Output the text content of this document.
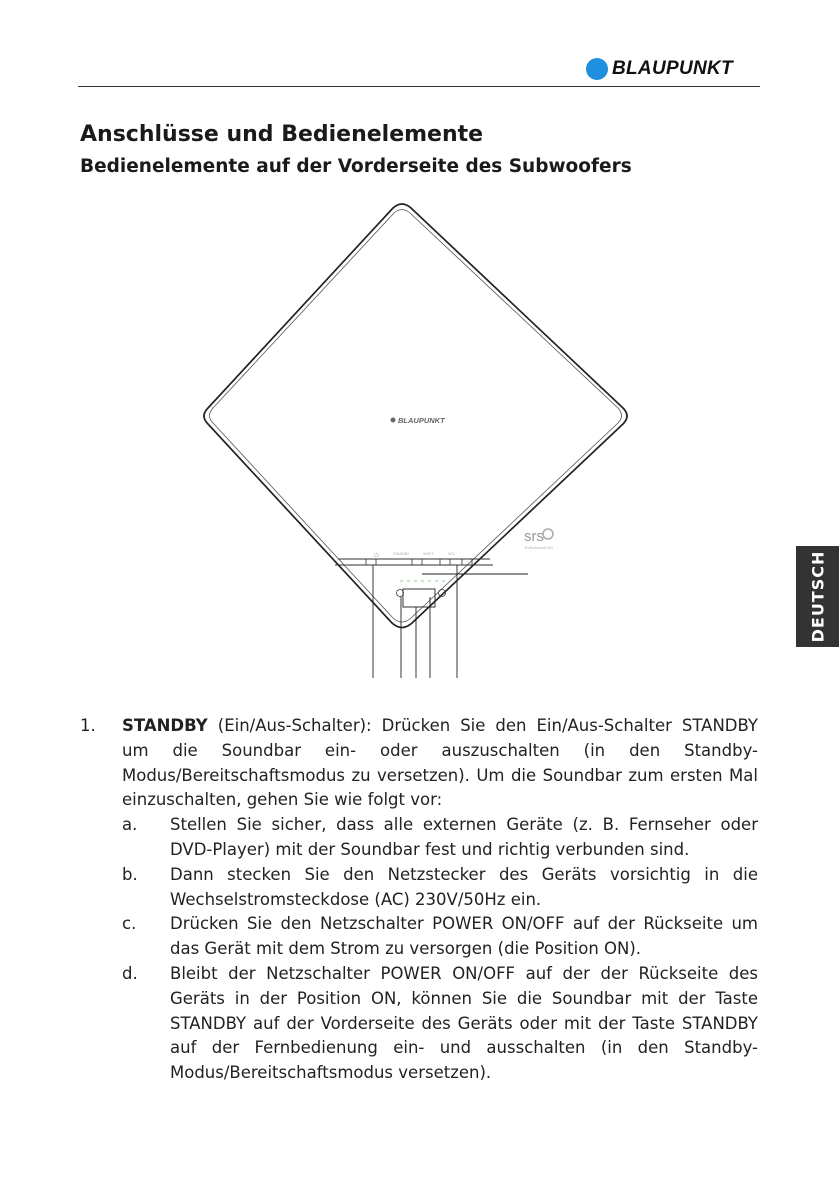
BLAUPUNKT
Anschlüsse und Bedienelemente
Bedienelemente auf der Vorderseite des Subwoofers
BLAUPUNKT
srs
TruSurround HD
⏻	STANDBY	INPUT	VOL	DEUTSCH
1.	STANDBY (Ein/Aus-Schalter): Drücken Sie den Ein/Aus-Schalter STANDBY um die Soundbar ein- oder auszuschalten (in den Standby-Modus/Bereitschaftsmodus zu versetzen). Um die Soundbar zum ersten Mal einzuschalten, gehen Sie wie folgt vor:
a.	Stellen Sie sicher, dass alle externen Geräte (z. B. Fernseher oder DVD-Player) mit der Soundbar fest und richtig verbunden sind.
b.	Dann stecken Sie den Netzstecker des Geräts vorsichtig in die Wechselstromsteckdose (AC) 230V/50Hz ein.
c.	Drücken Sie den Netzschalter POWER ON/OFF auf der Rückseite um das Gerät mit dem Strom zu versorgen (die Position ON).
d.	Bleibt der Netzschalter POWER ON/OFF auf der der Rückseite des Geräts in der Position ON, können Sie die Soundbar mit der Taste STANDBY auf der Vorderseite des Geräts oder mit der Taste STANDBY auf der Fernbedienung ein- und ausschalten (in den Standby-Modus/Bereitschaftsmodus versetzen).
